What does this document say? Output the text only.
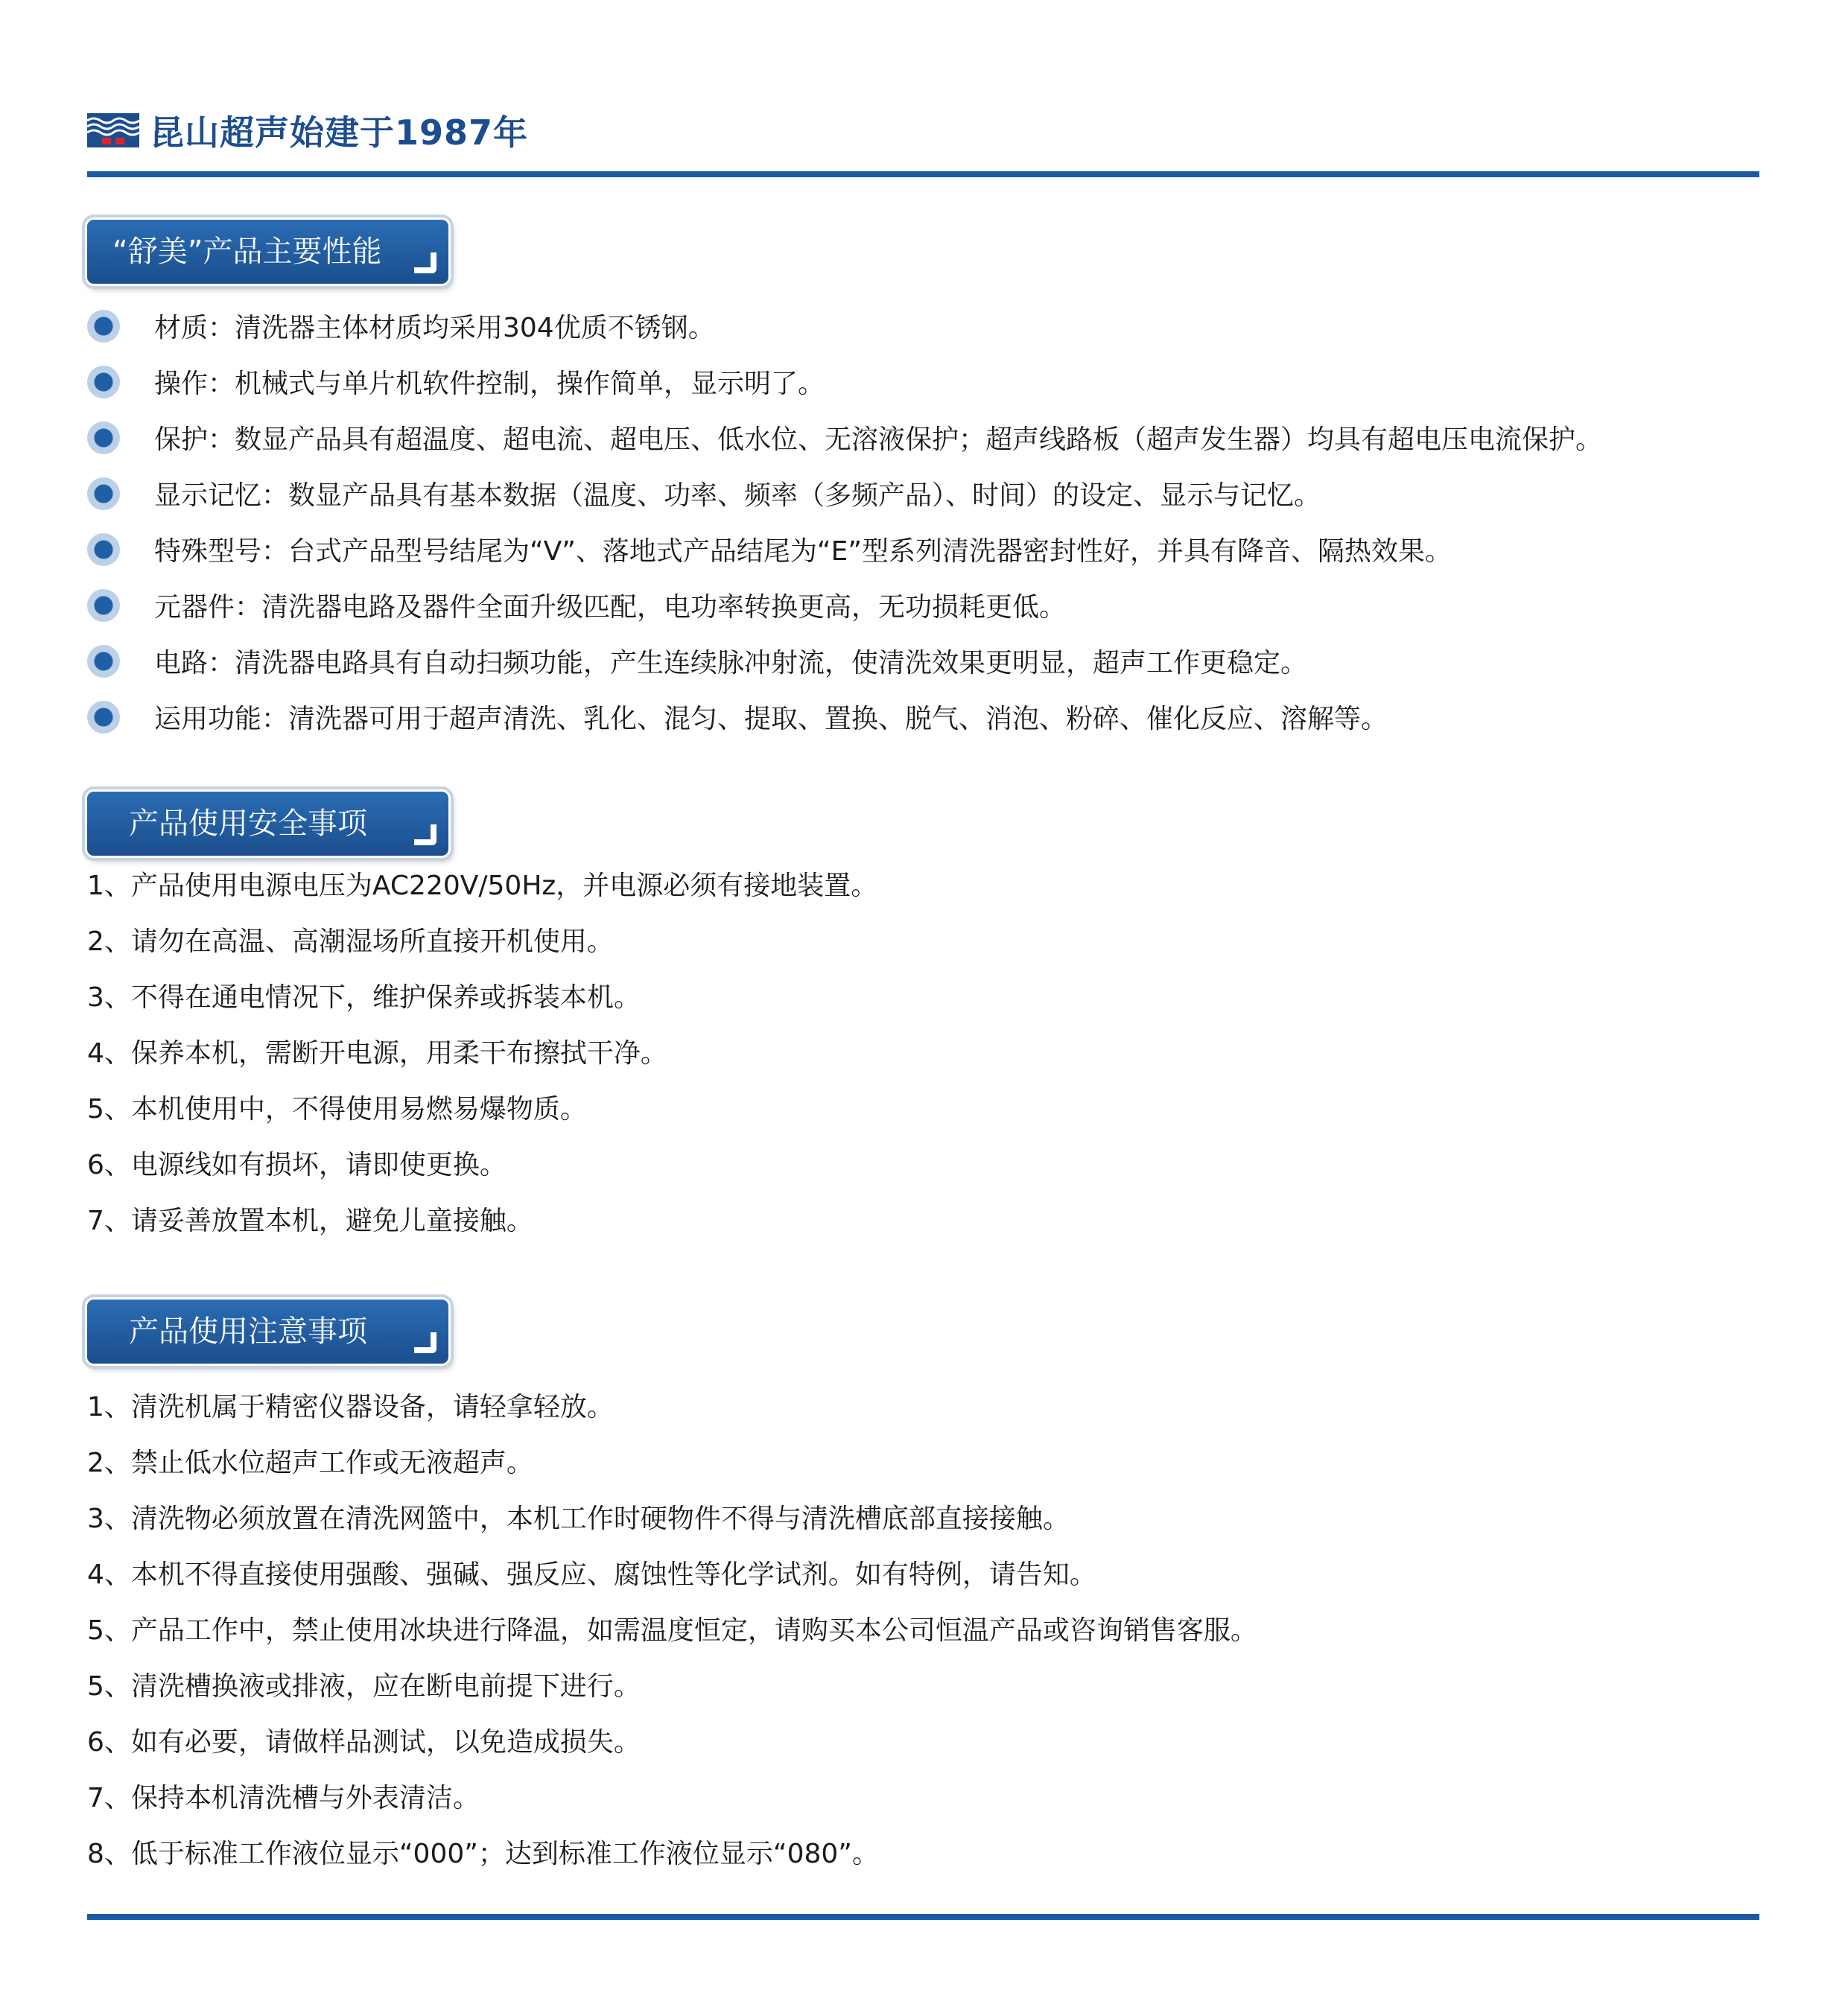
昆山超声始建于1987年
“舒美”产品主要性能
材质：清洗器主体材质均采用304优质不锈钢。
操作：机械式与单片机软件控制，操作简单，显示明了。
保护：数显产品具有超温度、超电流、超电压、低水位、无溶液保护；超声线路板（超声发生器）均具有超电压电流保护。
显示记忆：数显产品具有基本数据（温度、功率、频率（多频产品）、时间）的设定、显示与记忆。
特殊型号：台式产品型号结尾为“V”、落地式产品结尾为“E”型系列清洗器密封性好，并具有降音、隔热效果。
元器件：清洗器电路及器件全面升级匹配，电功率转换更高，无功损耗更低。
电路：清洗器电路具有自动扫频功能，产生连续脉冲射流，使清洗效果更明显，超声工作更稳定。
运用功能：清洗器可用于超声清洗、乳化、混匀、提取、置换、脱气、消泡、粉碎、催化反应、溶解等。
产品使用安全事项
1、产品使用电源电压为AC220V/50Hz，并电源必须有接地装置。
2、请勿在高温、高潮湿场所直接开机使用。
3、不得在通电情况下，维护保养或拆装本机。
4、保养本机，需断开电源，用柔干布擦拭干净。
5、本机使用中，不得使用易燃易爆物质。
6、电源线如有损坏，请即使更换。
7、请妥善放置本机，避免儿童接触。
产品使用注意事项
1、清洗机属于精密仪器设备，请轻拿轻放。
2、禁止低水位超声工作或无液超声。
3、清洗物必须放置在清洗网篮中，本机工作时硬物件不得与清洗槽底部直接接触。
4、本机不得直接使用强酸、强碱、强反应、腐蚀性等化学试剂。如有特例，请告知。
5、产品工作中，禁止使用冰块进行降温，如需温度恒定，请购买本公司恒温产品或咨询销售客服。
5、清洗槽换液或排液，应在断电前提下进行。
6、如有必要，请做样品测试，以免造成损失。
7、保持本机清洗槽与外表清洁。
8、低于标准工作液位显示“000”；达到标准工作液位显示“080”。
